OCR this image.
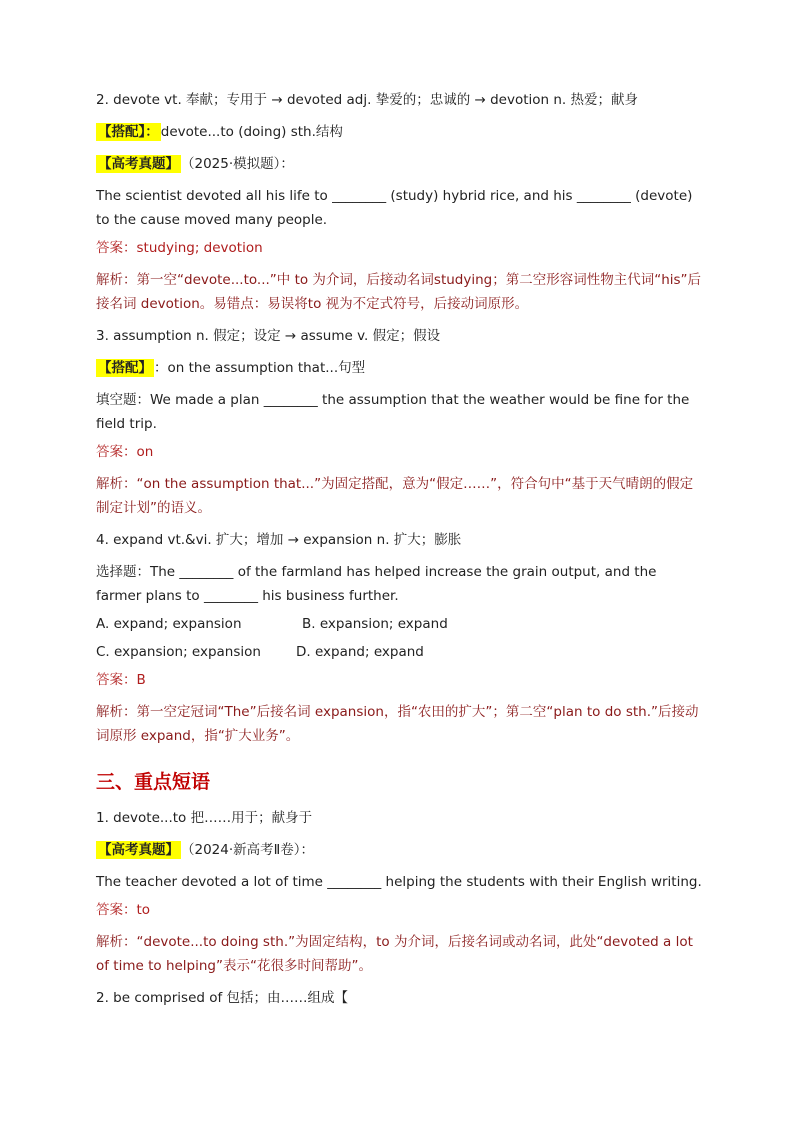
2. devote vt. 奉献；专用于 → devoted adj. 挚爱的；忠诚的 → devotion n. 热爱；献身
【搭配】： devote...to (doing) sth.结构
【高考真题】 （2025·模拟题）：
The scientist devoted all his life to ________ (study) hybrid rice, and his ________ (devote) to the cause moved many people.
答案：studying; devotion
解析：第一空“devote...to...”中 to 为介词，后接动名词studying；第二空形容词性物主代词“his”后接名词 devotion。易错点：易误将to 视为不定式符号，后接动词原形。
3. assumption n. 假定；设定 → assume v. 假定；假设
【搭配】 ：on the assumption that...句型
填空题：We made a plan ________ the assumption that the weather would be fine for the field trip.
答案：on
解析：“on the assumption that...”为固定搭配，意为“假定……”，符合句中“基于天气晴朗的假定制定计划”的语义。
4. expand vt.&vi. 扩大；增加 → expansion n. 扩大；膨胀
选择题：The ________ of the farmland has helped increase the grain output, and the farmer plans to ________ his business further.
A. expand; expansion	B. expansion; expand
C. expansion; expansion	D. expand; expand
答案：B
解析：第一空定冠词“The”后接名词 expansion，指“农田的扩大”；第二空“plan to do sth.”后接动词原形 expand，指“扩大业务”。
三、重点短语
1. devote...to 把……用于；献身于
【高考真题】 （2024·新高考Ⅱ卷）：
The teacher devoted a lot of time ________ helping the students with their English writing.
答案：to
解析：“devote...to doing sth.”为固定结构，to 为介词，后接名词或动名词，此处“devoted a lot of time to helping”表示“花很多时间帮助”。
2. be comprised of 包括；由……组成【
